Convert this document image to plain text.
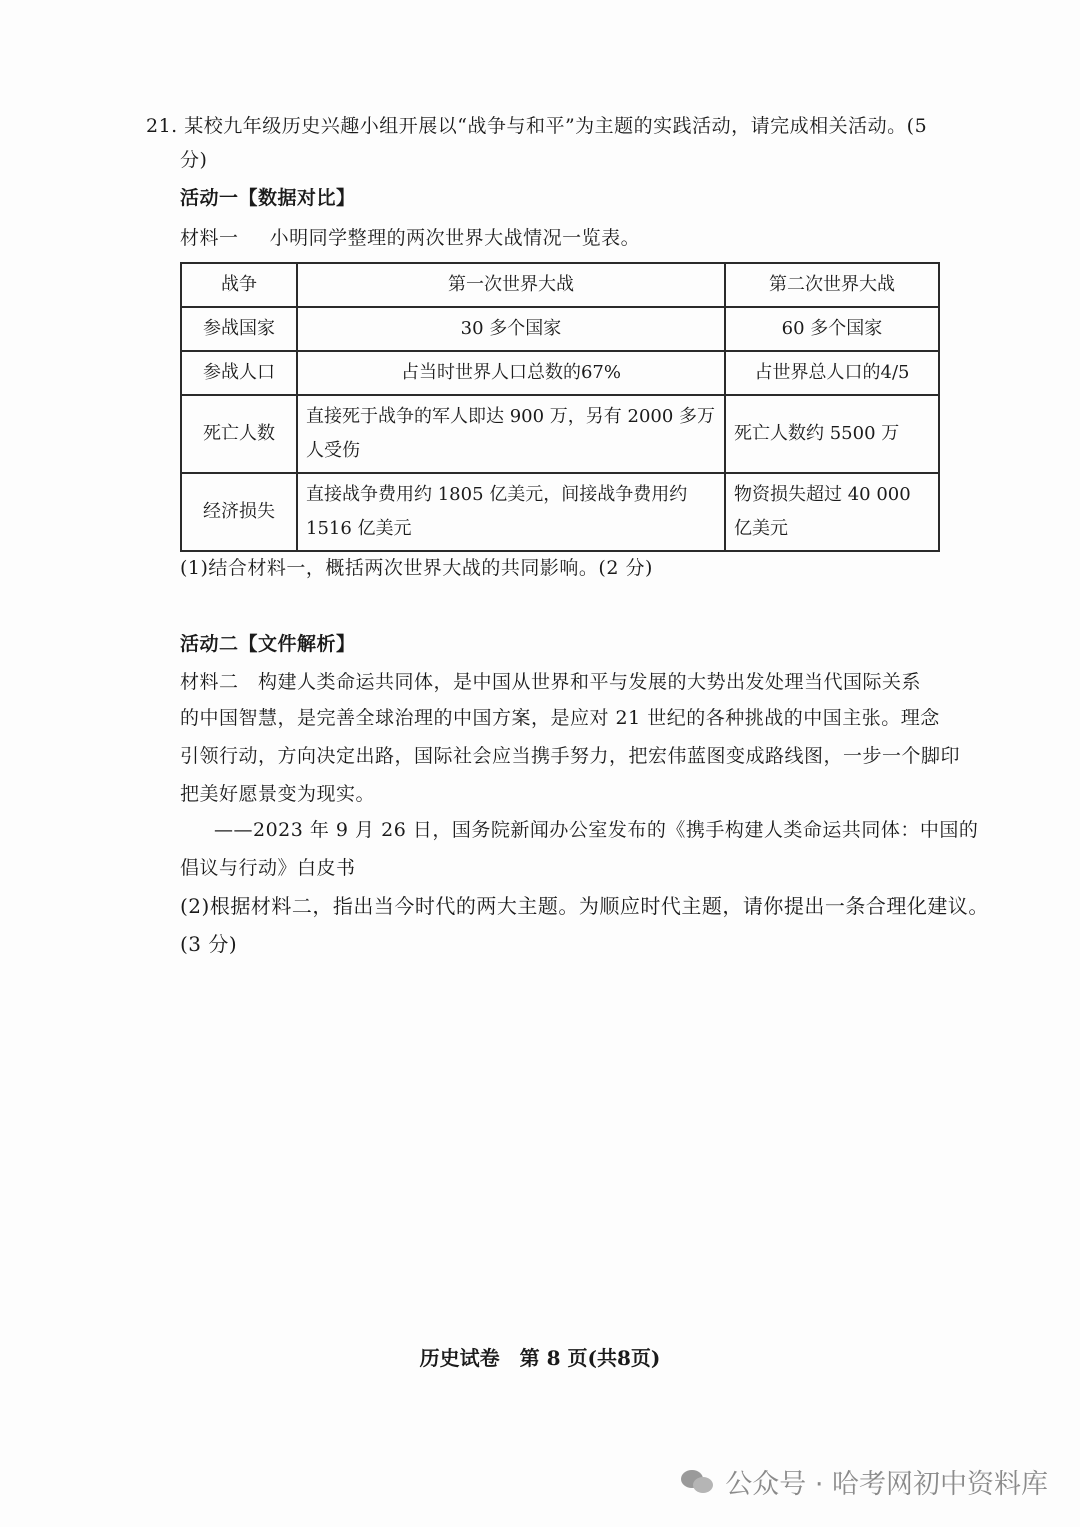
21. 某校九年级历史兴趣小组开展以“战争与和平”为主题的实践活动，请完成相关活动。(5
分)
活动一【数据对比】
材料一 小明同学整理的两次世界大战情况一览表。
战争	第一次世界大战	第二次世界大战
参战国家	30 多个国家	60 多个国家
参战人口	占当时世界人口总数的67%	占世界总人口的4/5
死亡人数	直接死于战争的军人即达 900 万，另有 2000 多万人受伤	死亡人数约 5500 万
经济损失	直接战争费用约 1805 亿美元，间接战争费用约 1516 亿美元	物资损失超过 40 000 亿美元
(1)结合材料一，概括两次世界大战的共同影响。(2 分)
活动二【文件解析】
材料二　构建人类命运共同体，是中国从世界和平与发展的大势出发处理当代国际关系
的中国智慧，是完善全球治理的中国方案，是应对 21 世纪的各种挑战的中国主张。理念
引领行动，方向决定出路，国际社会应当携手努力，把宏伟蓝图变成路线图，一步一个脚印
把美好愿景变为现实。
——2023 年 9 月 26 日，国务院新闻办公室发布的《携手构建人类命运共同体：中国的
倡议与行动》白皮书
(2)根据材料二，指出当今时代的两大主题。为顺应时代主题，请你提出一条合理化建议。
(3 分)
历史试卷　第 8 页(共8页)
公众号 · 哈考网初中资料库
